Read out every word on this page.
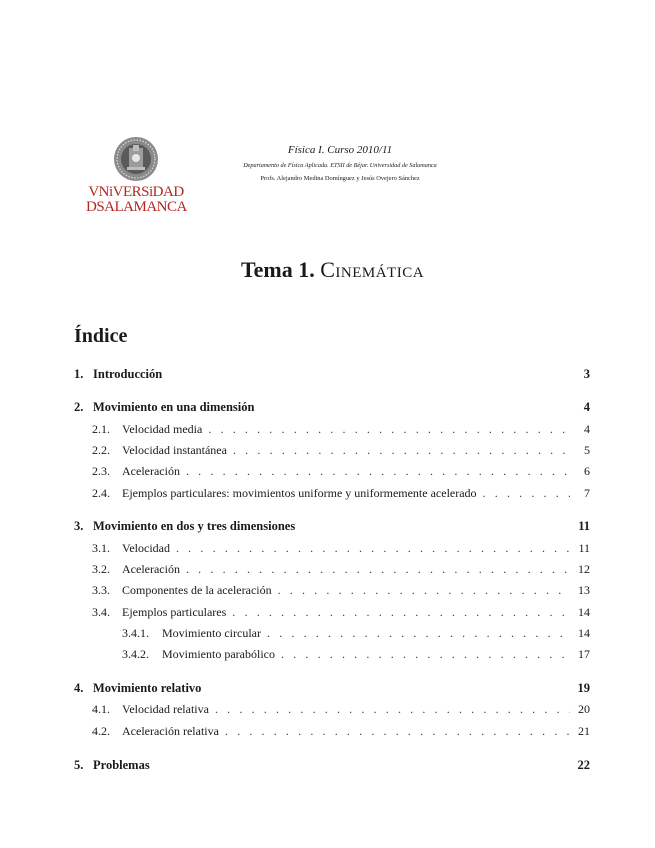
VNiVERSiDAD
DSALAMANCA
Física I. Curso 2010/11
Departamento de Física Aplicada. ETSII de Béjar. Universidad de Salamanca
Profs. Alejandro Medina Domínguez y Jesús Ovejero Sánchez
Tema 1. Cinemática
Índice
1. Introducción	3
2. Movimiento en una dimensión	4
2.1.	Velocidad media . . .	4
2.2.	Velocidad instantánea . . .	5
2.3.	Aceleración . . .	6
2.4.	Ejemplos particulares: movimientos uniforme y uniformemente acelerado . . .	7
3. Movimiento en dos y tres dimensiones	11
3.1.	Velocidad . . .	11
3.2.	Aceleración . . .	12
3.3.	Componentes de la aceleración . . .	13
3.4.	Ejemplos particulares . . .	14
3.4.1.	Movimiento circular . . .	14
3.4.2.	Movimiento parabólico . . .	17
4. Movimiento relativo	19
4.1.	Velocidad relativa . . .	20
4.2.	Aceleración relativa . . .	21
5. Problemas	22
